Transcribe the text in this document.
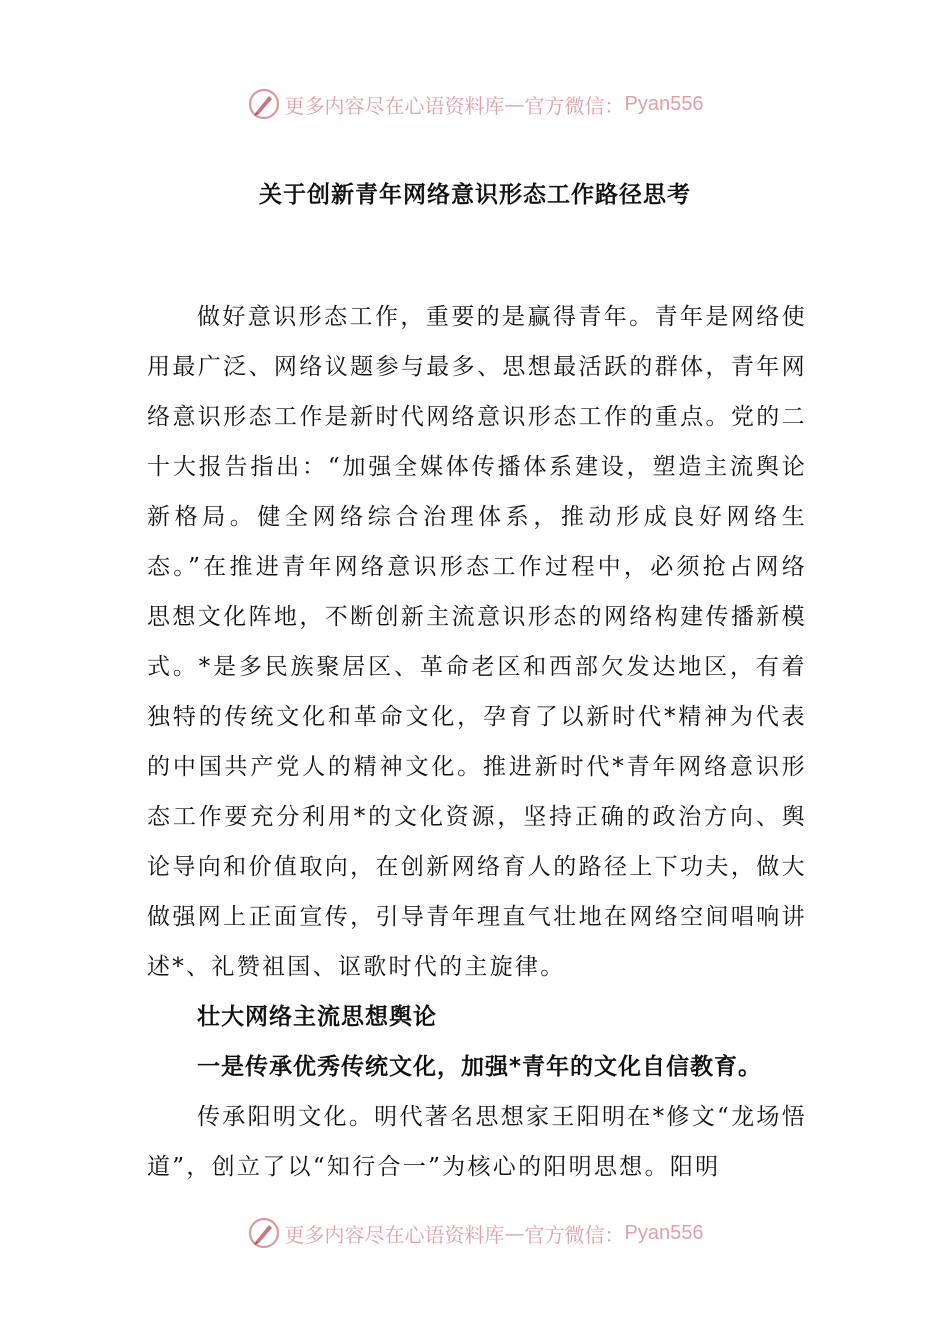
更多内容尽在心语资料库 — 官方微信： Pyan556
关于创新青年网络意识形态工作路径思考

做好意识形态工作，重要的是赢得青年。青年是网络使用最广泛、网络议题参与最多、思想最活跃的群体，青年网络意识形态工作是新时代网络意识形态工作的重点。党的二十大报告指出：“加强全媒体传播体系建设，塑造主流舆论新格局。健全网络综合治理体系，推动形成良好网络生态。”在推进青年网络意识形态工作过程中，必须抢占网络思想文化阵地，不断创新主流意识形态的网络构建传播新模式。*是多民族聚居区、革命老区和西部欠发达地区，有着独特的传统文化和革命文化，孕育了以新时代*精神为代表的中国共产党人的精神文化。推进新时代*青年网络意识形态工作要充分利用*的文化资源，坚持正确的政治方向、舆论导向和价值取向，在创新网络育人的路径上下功夫，做大做强网上正面宣传，引导青年理直气壮地在网络空间唱响讲述*、礼赞祖国、讴歌时代的主旋律。

壮大网络主流思想舆论

一是传承优秀传统文化，加强*青年的文化自信教育。

传承阳明文化。明代著名思想家王阳明在*修文“龙场悟道”，创立了以“知行合一”为核心的阳明思想。阳明

更多内容尽在心语资料库 — 官方微信： Pyan556
